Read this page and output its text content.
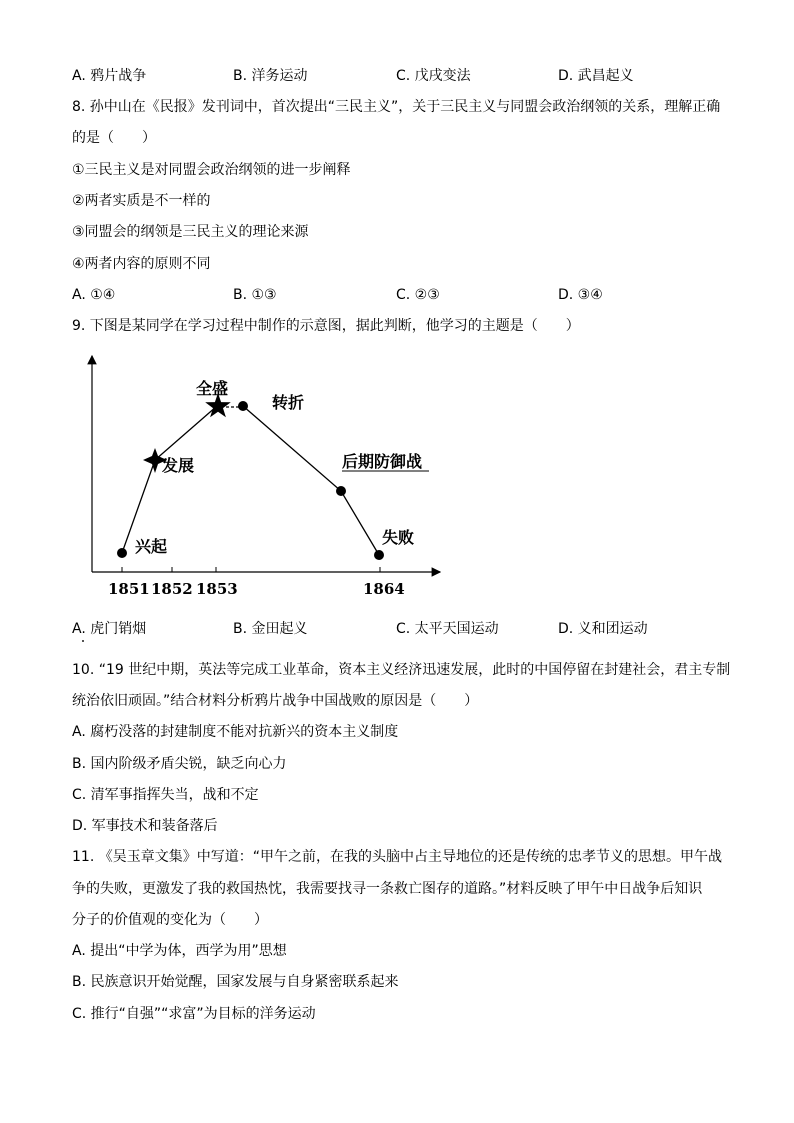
A. 鸦片战争	B. 洋务运动	C. 戊戌变法	D. 武昌起义
8. 孙中山在《民报》发刊词中，首次提出“三民主义”，关于三民主义与同盟会政治纲领的关系，理解正确
的是（　　）
①三民主义是对同盟会政治纲领的进一步阐释
②两者实质是不一样的
③同盟会的纲领是三民主义的理论来源
④两者内容的原则不同
A. ①④	B. ①③	C. ②③	D. ③④
9. 下图是某同学在学习过程中制作的示意图，据此判断，他学习的主题是（　　）
兴起
发展
全盛
转折
后期防御战
失败
1851 1852 1853	1864
A. 虎门销烟	B. 金田起义	C. 太平天国运动	D. 义和团运动
10. “19 世纪中期，英法等完成工业革命，资本主义经济迅速发展，此时的中国停留在封建社会，君主专制
统治依旧顽固。”结合材料分析鸦片战争中国战败的原因是（　　）
A. 腐朽没落的封建制度不能对抗新兴的资本主义制度
B. 国内阶级矛盾尖锐，缺乏向心力
C. 清军事指挥失当，战和不定
D. 军事技术和装备落后
11. 《吴玉章文集》中写道：“甲午之前，在我的头脑中占主导地位的还是传统的忠孝节义的思想。甲午战
争的失败，更激发了我的救国热忱，我需要找寻一条救亡图存的道路。”材料反映了甲午中日战争后知识
分子的价值观的变化为（　　）
A. 提出“中学为体，西学为用”思想
B. 民族意识开始觉醒，国家发展与自身紧密联系起来
C. 推行“自强”“求富”为目标的洋务运动
